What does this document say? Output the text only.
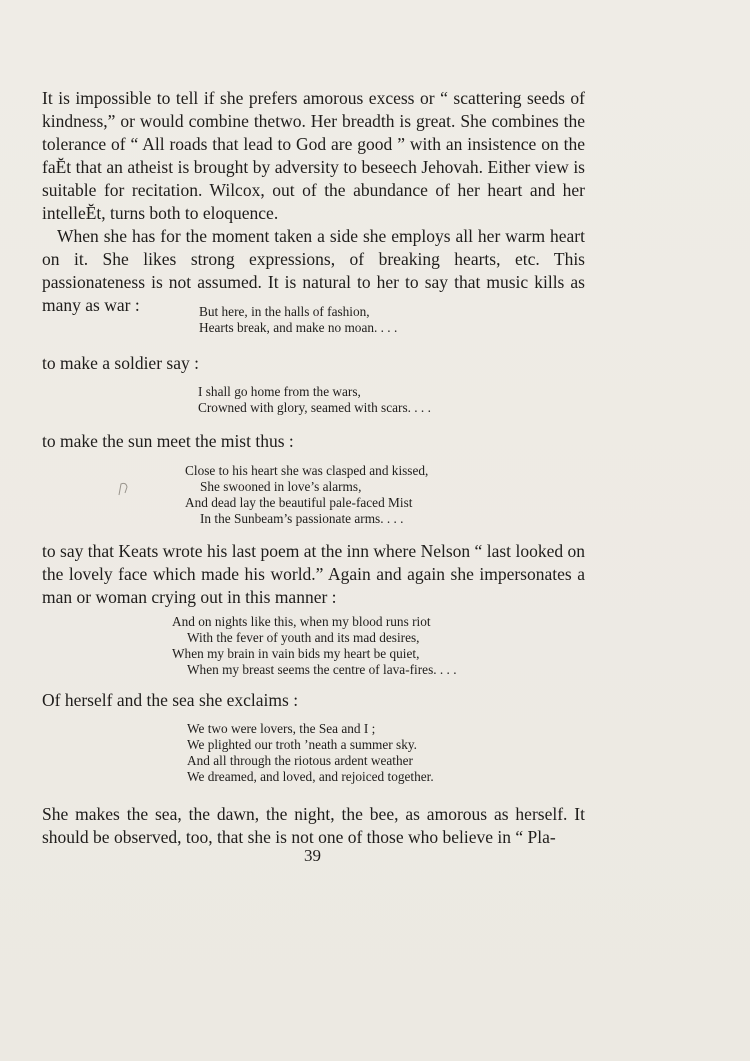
It is impossible to tell if she prefers amorous excess or “ scattering seeds of kindness,” or would combine thetwo. Her breadth is great. She combines the tolerance of “ All roads that lead to God are good ” with an insistence on the faĔt that an atheist is brought by adversity to beseech Jehovah. Either view is suitable for recitation. Wilcox, out of the abundance of her heart and her intelleĔt, turns both to eloquence.

When she has for the moment taken a side she employs all her warm heart on it. She likes strong expressions, of breaking hearts, etc. This passionateness is not assumed. It is natural to her to say that music kills as many as war :	But here, in the halls of fashion,
Hearts break, and make no moan. . . .

to make a soldier say :

I shall go home from the wars,
Crowned with glory, seamed with scars. . . .

to make the sun meet the mist thus :

Close to his heart she was clasped and kissed,
She swooned in love’s alarms,
And dead lay the beautiful pale-faced Mist
In the Sunbeam’s passionate arms. . . .

to say that Keats wrote his last poem at the inn where Nelson “ last looked on the lovely face which made his world.” Again and again she impersonates a man or woman crying out in this manner :

And on nights like this, when my blood runs riot
With the fever of youth and its mad desires,
When my brain in vain bids my heart be quiet,
When my breast seems the centre of lava-fires. . . .

Of herself and the sea she exclaims :

We two were lovers, the Sea and I ;
We plighted our troth ’neath a summer sky.
And all through the riotous ardent weather
We dreamed, and loved, and rejoiced together.

She makes the sea, the dawn, the night, the bee, as amorous as herself. It should be observed, too, that she is not one of those who believe in “ Pla-

39
